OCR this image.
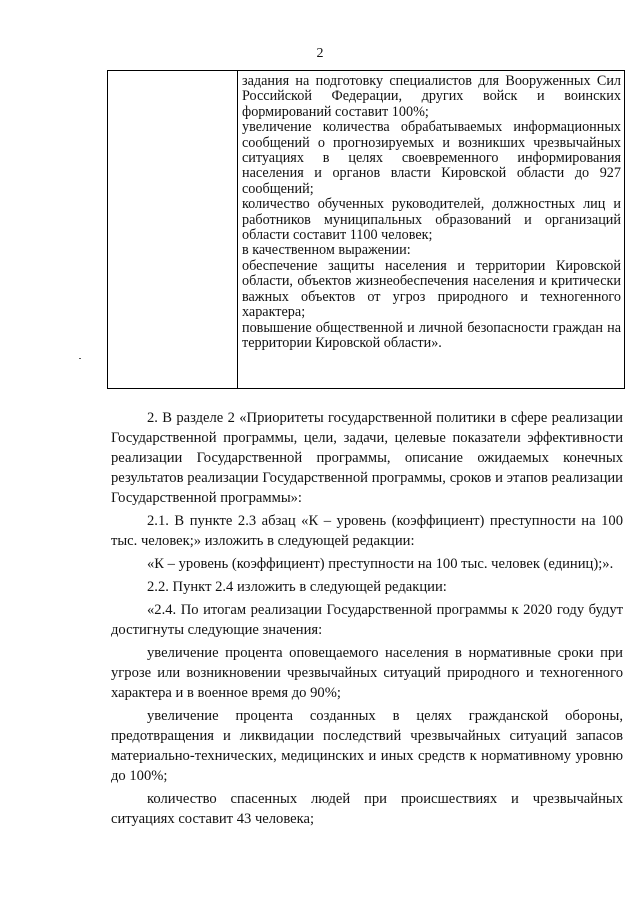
2

задания на подготовку специалистов для Вооруженных Сил Российской Федерации, других войск и воинских формирований составит 100%;

увеличение количества обрабатываемых информационных сообщений о прогнозируемых и возникших чрезвычайных ситуациях в целях своевременного информирования населения и органов власти Кировской области до 927 сообщений;

количество обученных руководителей, должностных лиц и работников муниципальных образований и организаций области составит 1100 человек;

в качественном выражении:

обеспечение защиты населения и территории Кировской области, объектов жизнеобеспечения населения и критически важных объектов от угроз природного и техногенного характера;

повышение общественной и личной безопасности граждан на территории Кировской области».

2. В разделе 2 «Приоритеты государственной политики в сфере реализации Государственной программы, цели, задачи, целевые показатели эффективности реализации Государственной программы, описание ожидаемых конечных результатов реализации Государственной программы, сроков и этапов реализации Государственной программы»:

2.1. В пункте 2.3 абзац «К – уровень (коэффициент) преступности на 100 тыс. человек;» изложить в следующей редакции:

«К – уровень (коэффициент) преступности на 100 тыс. человек (единиц);».

2.2. Пункт 2.4 изложить в следующей редакции:

«2.4. По итогам реализации Государственной программы к 2020 году будут достигнуты следующие значения:

увеличение процента оповещаемого населения в нормативные сроки при угрозе или возникновении чрезвычайных ситуаций природного и техногенного характера и в военное время до 90%;

увеличение процента созданных в целях гражданской обороны, предотвращения и ликвидации последствий чрезвычайных ситуаций запасов материально-технических, медицинских и иных средств к нормативному уровню до 100%;

количество спасенных людей при происшествиях и чрезвычайных ситуациях составит 43 человека;
